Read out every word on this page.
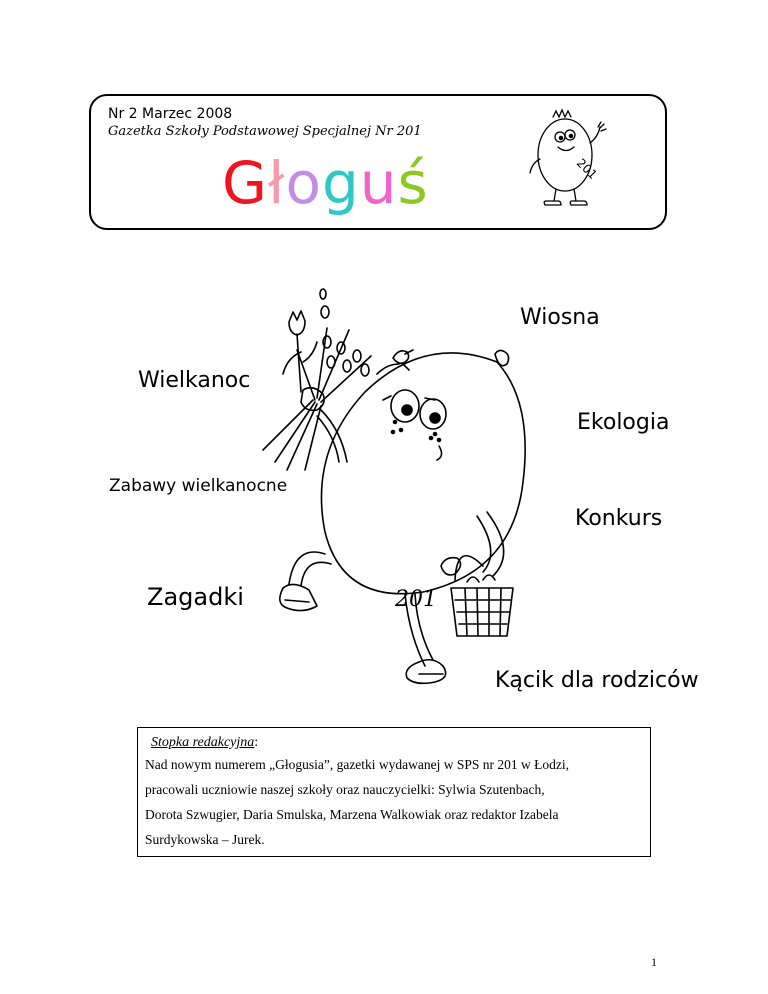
Nr 2 Marzec 2008
Gazetka Szkoły Podstawowej Specjalnej Nr 201
Głoguś	201
201
Wiosna
Wielkanoc
Ekologia
Zabawy wielkanocne
Konkurs
Zagadki
Kącik dla rodziców
Stopka redakcyjna:
Nad nowym numerem „Głogusia”, gazetki wydawanej w SPS nr 201 w Łodzi,
pracowali uczniowie naszej szkoły oraz nauczycielki: Sylwia Szutenbach,
Dorota Szwugier, Daria Smulska, Marzena Walkowiak oraz redaktor Izabela
Surdykowska – Jurek.
1
